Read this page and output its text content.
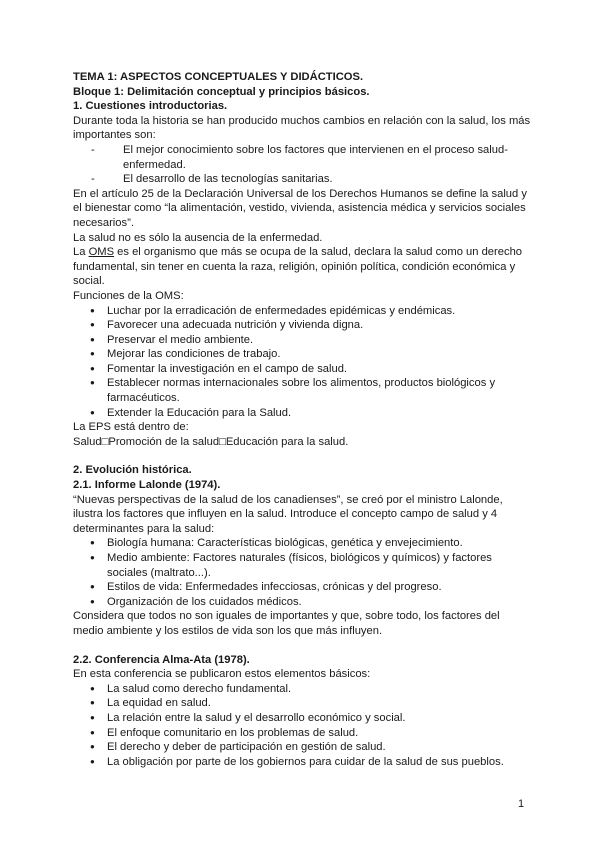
TEMA 1: ASPECTOS CONCEPTUALES Y DIDÁCTICOS.

Bloque 1: Delimitación conceptual y principios básicos.

1. Cuestiones introductorias.

Durante toda la historia se han producido muchos cambios en relación con la salud, los más importantes son:

- El mejor conocimiento sobre los factores que intervienen en el proceso salud-enfermedad.
- El desarrollo de las tecnologías sanitarias.

En el artículo 25 de la Declaración Universal de los Derechos Humanos se define la salud y el bienestar como “la alimentación, vestido, vivienda, asistencia médica y servicios sociales necesarios”.

La salud no es sólo la ausencia de la enfermedad.

La OMS es el organismo que más se ocupa de la salud, declara la salud como un derecho fundamental, sin tener en cuenta la raza, religión, opinión política, condición económica y social.

Funciones de la OMS:

● Luchar por la erradicación de enfermedades epidémicas y endémicas.
● Favorecer una adecuada nutrición y vivienda digna.
● Preservar el medio ambiente.
● Mejorar las condiciones de trabajo.
● Fomentar la investigación en el campo de salud.
● Establecer normas internacionales sobre los alimentos, productos biológicos y farmacéuticos.
● Extender la Educación para la Salud.

La EPS está dentro de:

Salud□Promoción de la salud□Educación para la salud.

2. Evolución histórica.

2.1. Informe Lalonde (1974).

“Nuevas perspectivas de la salud de los canadienses”, se creó por el ministro Lalonde, ilustra los factores que influyen en la salud. Introduce el concepto campo de salud y 4 determinantes para la salud:

● Biología humana: Características biológicas, genética y envejecimiento.
● Medio ambiente: Factores naturales (físicos, biológicos y químicos) y factores sociales (maltrato...).
● Estilos de vida: Enfermedades infecciosas, crónicas y del progreso.
● Organización de los cuidados médicos.

Considera que todos no son iguales de importantes y que, sobre todo, los factores del medio ambiente y los estilos de vida son los que más influyen.

2.2. Conferencia Alma-Ata (1978).

En esta conferencia se publicaron estos elementos básicos:

● La salud como derecho fundamental.
● La equidad en salud.
● La relación entre la salud y el desarrollo económico y social.
● El enfoque comunitario en los problemas de salud.
● El derecho y deber de participación en gestión de salud.
● La obligación por parte de los gobiernos para cuidar de la salud de sus pueblos.
1
